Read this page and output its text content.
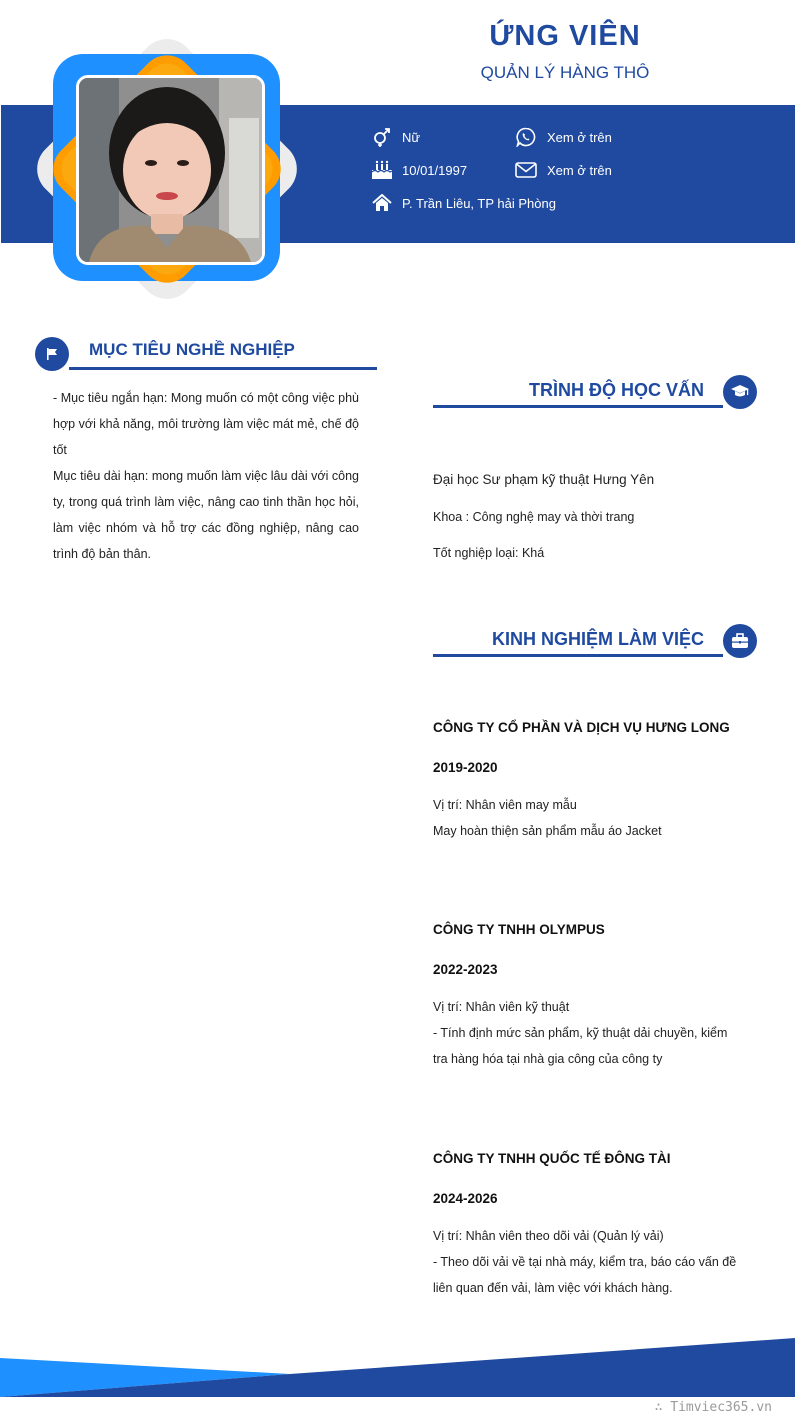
ỨNG VIÊN
QUẢN LÝ HÀNG THÔ
Nữ
10/01/1997
P. Trần Liêu, TP hải Phòng
Xem ở trên
Xem ở trên
MỤC TIÊU NGHỀ NGHIỆP

- Mục tiêu ngắn hạn: Mong muốn có một công việc phù hợp với khả năng, môi trường làm việc mát mẻ, chế độ tốt

Mục tiêu dài hạn: mong muốn làm việc lâu dài với công ty, trong quá trình làm việc, nâng cao tinh thần học hỏi, làm việc nhóm và hỗ trợ các đồng nghiệp, nâng cao trình độ bản thân.

TRÌNH ĐỘ HỌC VẤN
Đại học Sư phạm kỹ thuật Hưng Yên
Khoa : Công nghệ may và thời trang
Tốt nghiệp loại: Khá
KINH NGHIỆM LÀM VIỆC
CÔNG TY CỔ PHẦN VÀ DỊCH VỤ HƯNG LONG
2019-2020

Vị trí: Nhân viên may mẫu

May hoàn thiện sản phẩm mẫu áo Jacket

CÔNG TY TNHH OLYMPUS
2022-2023

Vị trí: Nhân viên kỹ thuật

- Tính định mức sản phẩm, kỹ thuật dải chuyền, kiểm tra hàng hóa tại nhà gia công của công ty

CÔNG TY TNHH QUỐC TẾ ĐÔNG TÀI
2024-2026

Vị trí: Nhân viên theo dõi vải (Quản lý vải)

- Theo dõi vải về tại nhà máy, kiểm tra, báo cáo vấn đề liên quan đến vải, làm việc với khách hàng.

∴ Timviec365.vn
